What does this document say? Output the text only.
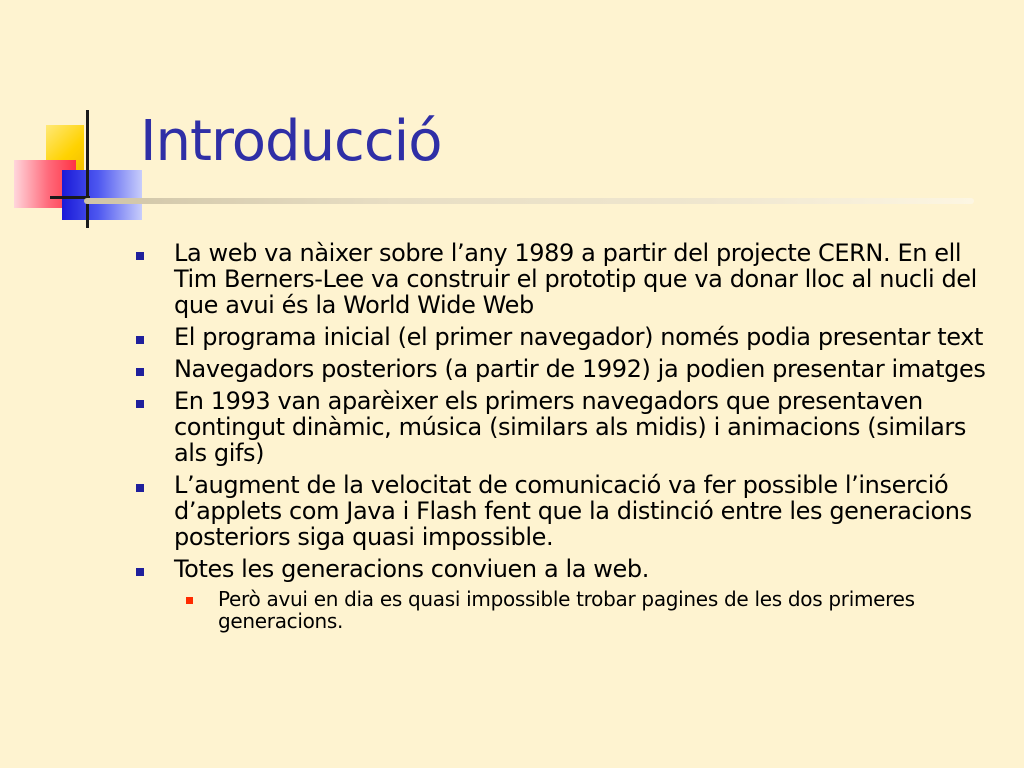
Introducció
La web va nàixer sobre l’any 1989 a partir del projecte CERN. En ell Tim Berners-Lee va construir el prototip que va donar lloc al nucli del que avui és la World Wide Web
El programa inicial (el primer navegador) només podia presentar text
Navegadors posteriors (a partir de 1992) ja podien presentar imatges
En 1993 van aparèixer els primers navegadors que presentaven contingut dinàmic, música (similars als midis) i animacions (similars als gifs)
L’augment de la velocitat de comunicació va fer possible l’inserció d’applets com Java i Flash fent que la distinció entre les generacions posteriors siga quasi impossible.
Totes les generacions conviuen a la web.
Però avui en dia es quasi impossible trobar pagines de les dos primeres generacions.
